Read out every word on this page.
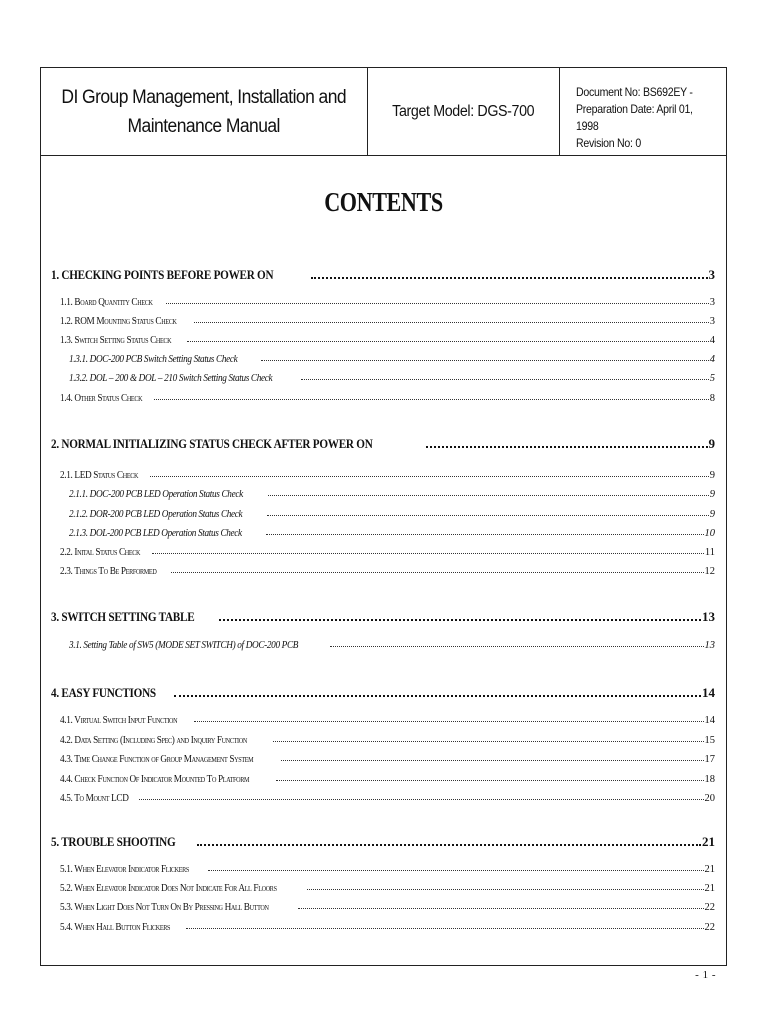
DI Group Management, Installation and
Maintenance Manual
Target Model: DGS-700
Document No: BS692EY -
Preparation Date: April 01, 1998
Revision No: 0
CONTENTS
1. CHECKING POINTS BEFORE POWER ON	3
1.1. Board Quantity Check	3
1.2. ROM Mounting Status Check	3
1.3. Switch Setting Status Check	4
1.3.1. DOC-200 PCB Switch Setting Status Check	4
1.3.2. DOL – 200 & DOL – 210 Switch Setting Status Check	5
1.4. Other Status Check	8
2. NORMAL INITIALIZING STATUS CHECK AFTER POWER ON	9
2.1. LED Status Check	9
2.1.1. DOC-200 PCB LED Operation Status Check	9
2.1.2. DOR-200 PCB LED Operation Status Check	9
2.1.3. DOL-200 PCB LED Operation Status Check	10
2.2. Inital Status Check	11
2.3. Things To Be Performed	12
3. SWITCH SETTING TABLE	13
3.1. Setting Table of SW5 (MODE SET SWITCH) of DOC-200 PCB	13
4. EASY FUNCTIONS	14
4.1. Virtual Switch Input Function	14
4.2. Data Setting (Including Spec) and Inquiry Function	15
4.3. Time Change Function of Group Management System	17
4.4. Check Function Of Indicator Mounted To Platform	18
4.5. To Mount LCD	20
5. TROUBLE SHOOTING	21
5.1. When Elevator Indicator Flickers	21
5.2. When Elevator Indicator Does Not Indicate For All Floors	21
5.3. When Light Does Not Turn On By Pressing Hall Button	22
5.4. When Hall Button Flickers	22
- 1 -
